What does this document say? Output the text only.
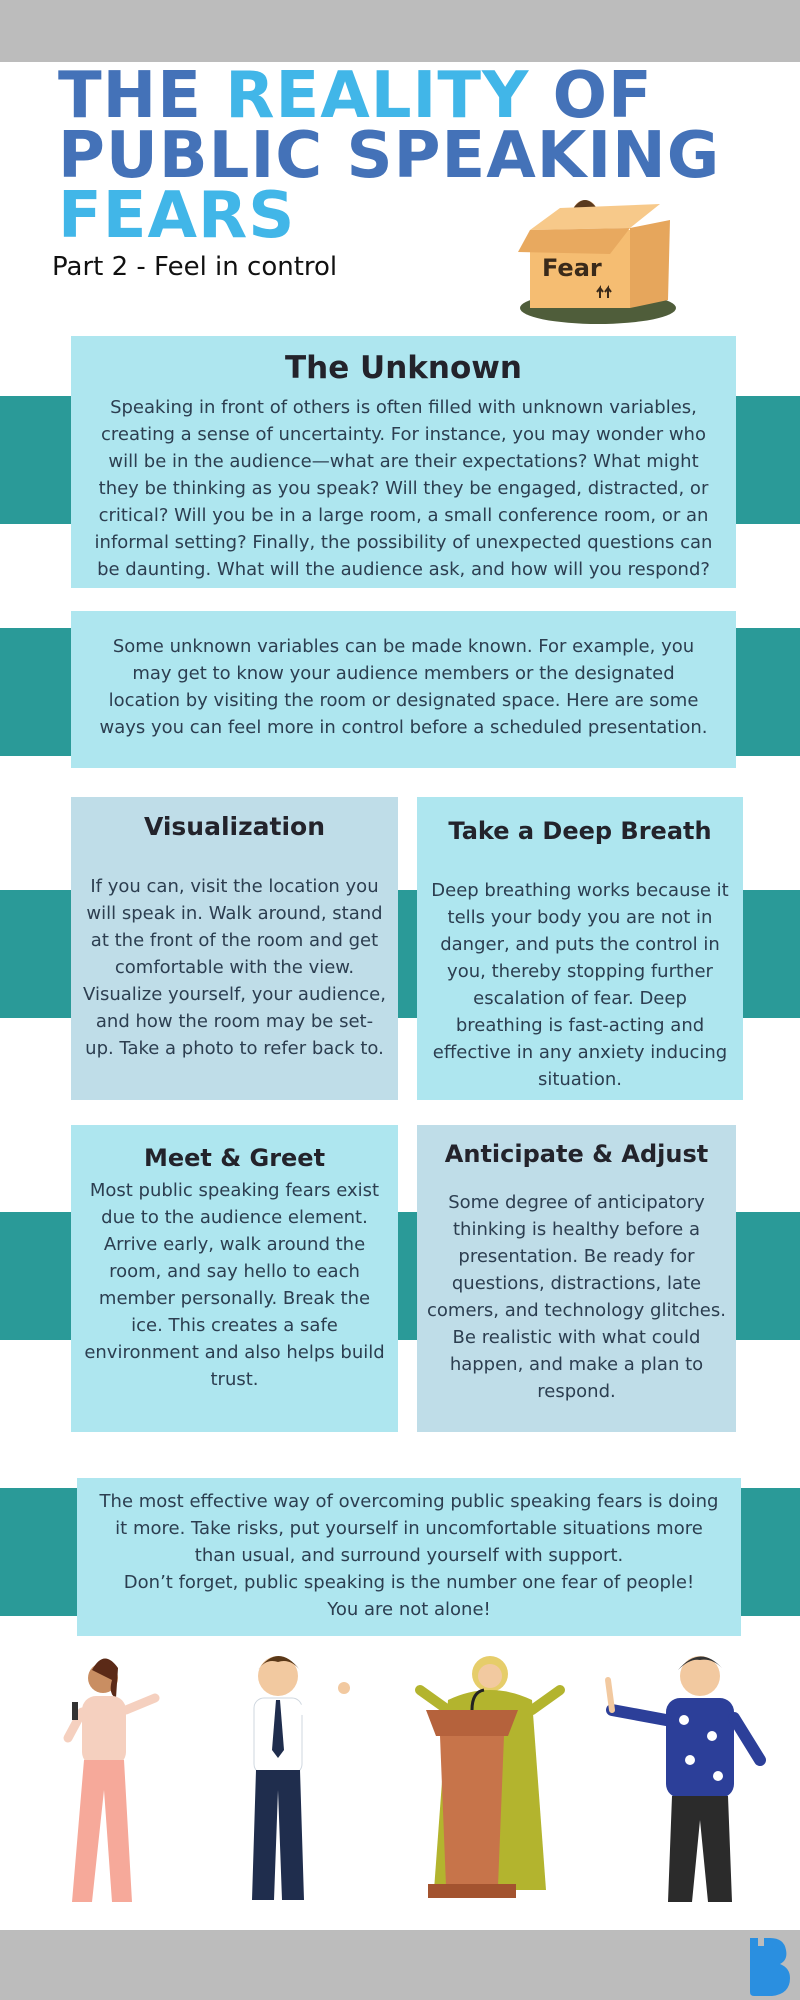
THE REALITY OF
PUBLIC SPEAKING
FEARS
Part 2 - Feel in control	Fear
The Unknown

Speaking in front of others is often filled with unknown variables, creating a sense of uncertainty. For instance, you may wonder who will be in the audience—what are their expectations? What might they be thinking as you speak? Will they be engaged, distracted, or critical? Will you be in a large room, a small conference room, or an informal setting? Finally, the possibility of unexpected questions can be daunting. What will the audience ask, and how will you respond?

Some unknown variables can be made known. For example, you may get to know your audience members or the designated location by visiting the room or designated space. Here are some ways you can feel more in control before a scheduled presentation.

Visualization

If you can, visit the location you will speak in. Walk around, stand at the front of the room and get comfortable with the view. Visualize yourself, your audience, and how the room may be set-up. Take a photo to refer back to.

Take a Deep Breath

Deep breathing works because it tells your body you are not in danger, and puts the control in you, thereby stopping further escalation of fear. Deep breathing is fast-acting and effective in any anxiety inducing situation.

Meet & Greet

Most public speaking fears exist due to the audience element. Arrive early, walk around the room, and say hello to each member personally. Break the ice. This creates a safe environment and also helps build trust.

Anticipate & Adjust

Some degree of anticipatory thinking is healthy before a presentation. Be ready for questions, distractions, late comers, and technology glitches. Be realistic with what could happen, and make a plan to respond.

The most effective way of overcoming public speaking fears is doing it more. Take risks, put yourself in uncomfortable situations more than usual, and surround yourself with support.

Don’t forget, public speaking is the number one fear of people!

You are not alone!
